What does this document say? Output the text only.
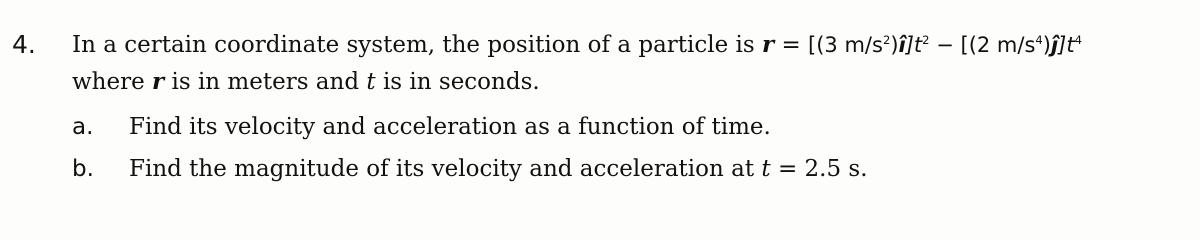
4. In a certain coordinate system, the position of a particle is r = [(3 $m/s^2)î]t^2 - [(2$ $m/s^4)ĵ]t^4$
where r is in meters and t is in seconds.
a. Find its velocity and acceleration as a function of time.
b. Find the magnitude of its velocity and acceleration at t = 2.5 s.
